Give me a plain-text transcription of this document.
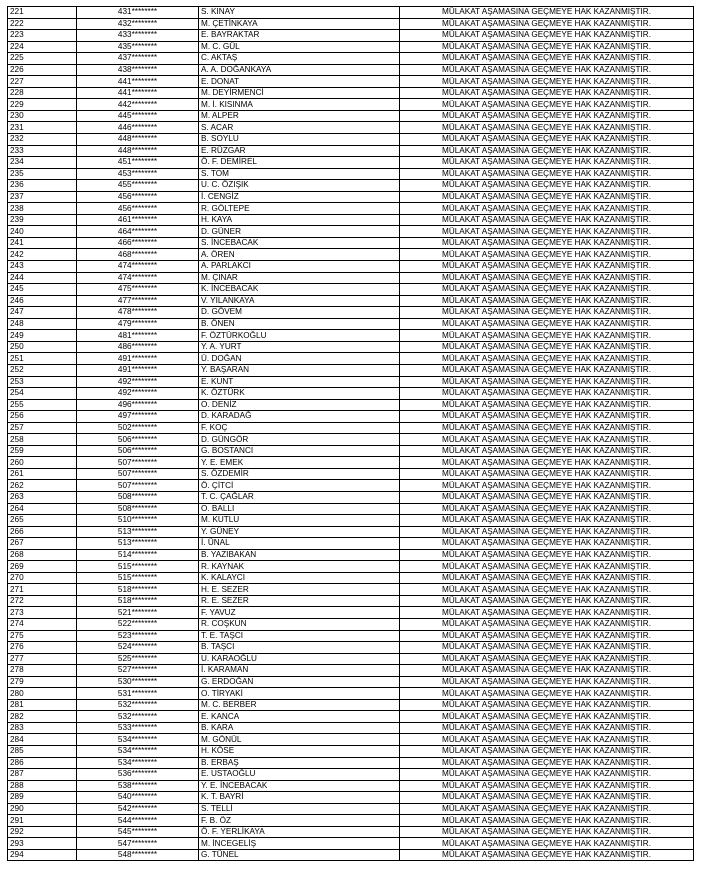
221	431********	S. KINAY	MÜLAKAT AŞAMASINA GEÇMEYE HAK KAZANMIŞTIR.
222	432********	M. ÇETİNKAYA	MÜLAKAT AŞAMASINA GEÇMEYE HAK KAZANMIŞTIR.
223	433********	E. BAYRAKTAR	MÜLAKAT AŞAMASINA GEÇMEYE HAK KAZANMIŞTIR.
224	435********	M. C. GÜL	MÜLAKAT AŞAMASINA GEÇMEYE HAK KAZANMIŞTIR.
225	437********	C. AKTAŞ	MÜLAKAT AŞAMASINA GEÇMEYE HAK KAZANMIŞTIR.
226	438********	A. A. DOĞANKAYA	MÜLAKAT AŞAMASINA GEÇMEYE HAK KAZANMIŞTIR.
227	441********	E. DONAT	MÜLAKAT AŞAMASINA GEÇMEYE HAK KAZANMIŞTIR.
228	441********	M. DEYİRMENCİ	MÜLAKAT AŞAMASINA GEÇMEYE HAK KAZANMIŞTIR.
229	442********	M. İ. KISINMA	MÜLAKAT AŞAMASINA GEÇMEYE HAK KAZANMIŞTIR.
230	445********	M. ALPER	MÜLAKAT AŞAMASINA GEÇMEYE HAK KAZANMIŞTIR.
231	446********	S. ACAR	MÜLAKAT AŞAMASINA GEÇMEYE HAK KAZANMIŞTIR.
232	448********	B. SOYLU	MÜLAKAT AŞAMASINA GEÇMEYE HAK KAZANMIŞTIR.
233	448********	E. RÜZGAR	MÜLAKAT AŞAMASINA GEÇMEYE HAK KAZANMIŞTIR.
234	451********	Ö. F. DEMİREL	MÜLAKAT AŞAMASINA GEÇMEYE HAK KAZANMIŞTIR.
235	453********	S. TOM	MÜLAKAT AŞAMASINA GEÇMEYE HAK KAZANMIŞTIR.
236	455********	U. C. ÖZIŞIK	MÜLAKAT AŞAMASINA GEÇMEYE HAK KAZANMIŞTIR.
237	456********	İ. CENGİZ	MÜLAKAT AŞAMASINA GEÇMEYE HAK KAZANMIŞTIR.
238	456********	R. GÖLTEPE	MÜLAKAT AŞAMASINA GEÇMEYE HAK KAZANMIŞTIR.
239	461********	H. KAYA	MÜLAKAT AŞAMASINA GEÇMEYE HAK KAZANMIŞTIR.
240	464********	D. GÜNER	MÜLAKAT AŞAMASINA GEÇMEYE HAK KAZANMIŞTIR.
241	466********	S. İNCEBACAK	MÜLAKAT AŞAMASINA GEÇMEYE HAK KAZANMIŞTIR.
242	468********	A. ÖREN	MÜLAKAT AŞAMASINA GEÇMEYE HAK KAZANMIŞTIR.
243	474********	A. PARLAKCI	MÜLAKAT AŞAMASINA GEÇMEYE HAK KAZANMIŞTIR.
244	474********	M. ÇINAR	MÜLAKAT AŞAMASINA GEÇMEYE HAK KAZANMIŞTIR.
245	475********	K. İNCEBACAK	MÜLAKAT AŞAMASINA GEÇMEYE HAK KAZANMIŞTIR.
246	477********	V. YILANKAYA	MÜLAKAT AŞAMASINA GEÇMEYE HAK KAZANMIŞTIR.
247	478********	D. GÖVEM	MÜLAKAT AŞAMASINA GEÇMEYE HAK KAZANMIŞTIR.
248	479********	B. ÖNEN	MÜLAKAT AŞAMASINA GEÇMEYE HAK KAZANMIŞTIR.
249	481********	F. ÖZTÜRKOĞLU	MÜLAKAT AŞAMASINA GEÇMEYE HAK KAZANMIŞTIR.
250	486********	Y. A. YURT	MÜLAKAT AŞAMASINA GEÇMEYE HAK KAZANMIŞTIR.
251	491********	Ü. DOĞAN	MÜLAKAT AŞAMASINA GEÇMEYE HAK KAZANMIŞTIR.
252	491********	Y. BAŞARAN	MÜLAKAT AŞAMASINA GEÇMEYE HAK KAZANMIŞTIR.
253	492********	E. KUNT	MÜLAKAT AŞAMASINA GEÇMEYE HAK KAZANMIŞTIR.
254	492********	K. ÖZTÜRK	MÜLAKAT AŞAMASINA GEÇMEYE HAK KAZANMIŞTIR.
255	496********	O. DENİZ	MÜLAKAT AŞAMASINA GEÇMEYE HAK KAZANMIŞTIR.
256	497********	D. KARADAĞ	MÜLAKAT AŞAMASINA GEÇMEYE HAK KAZANMIŞTIR.
257	502********	F. KOÇ	MÜLAKAT AŞAMASINA GEÇMEYE HAK KAZANMIŞTIR.
258	506********	D. GÜNGÖR	MÜLAKAT AŞAMASINA GEÇMEYE HAK KAZANMIŞTIR.
259	506********	G. BOSTANCI	MÜLAKAT AŞAMASINA GEÇMEYE HAK KAZANMIŞTIR.
260	507********	Y. E. EMEK	MÜLAKAT AŞAMASINA GEÇMEYE HAK KAZANMIŞTIR.
261	507********	S. ÖZDEMİR	MÜLAKAT AŞAMASINA GEÇMEYE HAK KAZANMIŞTIR.
262	507********	Ö. ÇİTCİ	MÜLAKAT AŞAMASINA GEÇMEYE HAK KAZANMIŞTIR.
263	508********	T. C. ÇAĞLAR	MÜLAKAT AŞAMASINA GEÇMEYE HAK KAZANMIŞTIR.
264	508********	O. BALLI	MÜLAKAT AŞAMASINA GEÇMEYE HAK KAZANMIŞTIR.
265	510********	M. KUTLU	MÜLAKAT AŞAMASINA GEÇMEYE HAK KAZANMIŞTIR.
266	513********	Y. GÜNEY	MÜLAKAT AŞAMASINA GEÇMEYE HAK KAZANMIŞTIR.
267	513********	İ. ÜNAL	MÜLAKAT AŞAMASINA GEÇMEYE HAK KAZANMIŞTIR.
268	514********	B. YAZIBAKAN	MÜLAKAT AŞAMASINA GEÇMEYE HAK KAZANMIŞTIR.
269	515********	R. KAYNAK	MÜLAKAT AŞAMASINA GEÇMEYE HAK KAZANMIŞTIR.
270	515********	K. KALAYCI	MÜLAKAT AŞAMASINA GEÇMEYE HAK KAZANMIŞTIR.
271	518********	H. E. SEZER	MÜLAKAT AŞAMASINA GEÇMEYE HAK KAZANMIŞTIR.
272	518********	R. E. SEZER	MÜLAKAT AŞAMASINA GEÇMEYE HAK KAZANMIŞTIR.
273	521********	F. YAVUZ	MÜLAKAT AŞAMASINA GEÇMEYE HAK KAZANMIŞTIR.
274	522********	R. COŞKUN	MÜLAKAT AŞAMASINA GEÇMEYE HAK KAZANMIŞTIR.
275	523********	T. E. TAŞCI	MÜLAKAT AŞAMASINA GEÇMEYE HAK KAZANMIŞTIR.
276	524********	B. TAŞCI	MÜLAKAT AŞAMASINA GEÇMEYE HAK KAZANMIŞTIR.
277	525********	U. KARAOĞLU	MÜLAKAT AŞAMASINA GEÇMEYE HAK KAZANMIŞTIR.
278	527********	İ. KARAMAN	MÜLAKAT AŞAMASINA GEÇMEYE HAK KAZANMIŞTIR.
279	530********	G. ERDOĞAN	MÜLAKAT AŞAMASINA GEÇMEYE HAK KAZANMIŞTIR.
280	531********	O. TİRYAKİ	MÜLAKAT AŞAMASINA GEÇMEYE HAK KAZANMIŞTIR.
281	532********	M. C. BERBER	MÜLAKAT AŞAMASINA GEÇMEYE HAK KAZANMIŞTIR.
282	532********	E. KANCA	MÜLAKAT AŞAMASINA GEÇMEYE HAK KAZANMIŞTIR.
283	533********	B. KARA	MÜLAKAT AŞAMASINA GEÇMEYE HAK KAZANMIŞTIR.
284	534********	M. GÖNÜL	MÜLAKAT AŞAMASINA GEÇMEYE HAK KAZANMIŞTIR.
285	534********	H. KÖSE	MÜLAKAT AŞAMASINA GEÇMEYE HAK KAZANMIŞTIR.
286	534********	B. ERBAŞ	MÜLAKAT AŞAMASINA GEÇMEYE HAK KAZANMIŞTIR.
287	536********	E. USTAOĞLU	MÜLAKAT AŞAMASINA GEÇMEYE HAK KAZANMIŞTIR.
288	538********	Y. E. İNCEBACAK	MÜLAKAT AŞAMASINA GEÇMEYE HAK KAZANMIŞTIR.
289	540********	K. T. BAYRİ	MÜLAKAT AŞAMASINA GEÇMEYE HAK KAZANMIŞTIR.
290	542********	S. TELLİ	MÜLAKAT AŞAMASINA GEÇMEYE HAK KAZANMIŞTIR.
291	544********	F. B. ÖZ	MÜLAKAT AŞAMASINA GEÇMEYE HAK KAZANMIŞTIR.
292	545********	Ö. F. YERLİKAYA	MÜLAKAT AŞAMASINA GEÇMEYE HAK KAZANMIŞTIR.
293	547********	M. İNCEGELİŞ	MÜLAKAT AŞAMASINA GEÇMEYE HAK KAZANMIŞTIR.
294	548********	G. TÜNEL	MÜLAKAT AŞAMASINA GEÇMEYE HAK KAZANMIŞTIR.
